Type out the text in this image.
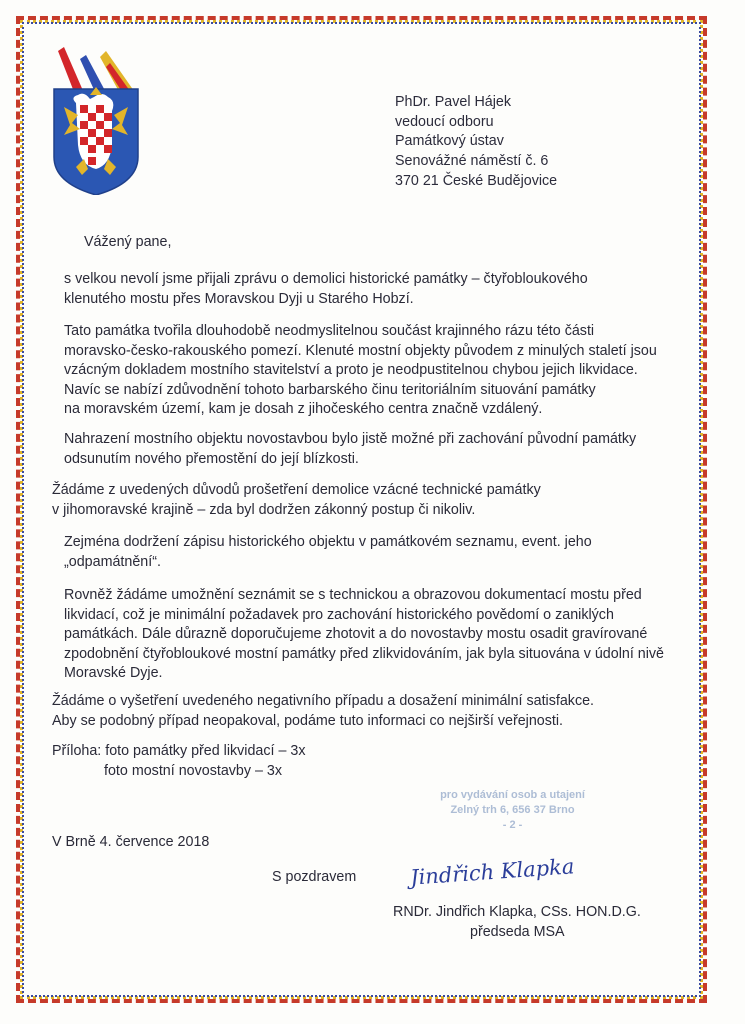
PhDr. Pavel Hájek
vedoucí odboru
Památkový ústav
Senovážné náměstí č. 6
370 21 České Budějovice
Vážený pane,
s velkou nevolí jsme přijali zprávu o demolici historické památky – čtyřobloukového
klenutého mostu přes Moravskou Dyji u Starého Hobzí.
Tato památka tvořila dlouhodobě neodmyslitelnou součást krajinného rázu této části
moravsko-česko-rakouského pomezí. Klenuté mostní objekty původem z minulých staletí jsou
vzácným dokladem mostního stavitelství a proto je neodpustitelnou chybou jejich likvidace.
Navíc se nabízí zdůvodnění tohoto barbarského činu teritoriálním situování památky
na moravském území, kam je dosah z jihočeského centra značně vzdálený.
Nahrazení mostního objektu novostavbou bylo jistě možné při zachování původní památky
odsunutím nového přemostění do její blízkosti.
Žádáme z uvedených důvodů prošetření demolice vzácné technické památky
v jihomoravské krajině – zda byl dodržen zákonný postup či nikoliv.
Zejména dodržení zápisu historického objektu v památkovém seznamu, event. jeho
„odpamátnění“.
Rovněž žádáme umožnění seznámit se s technickou a obrazovou dokumentací mostu před
likvidací, což je minimální požadavek pro zachování historického povědomí o zaniklých
památkách. Dále důrazně doporučujeme zhotovit a do novostavby mostu osadit gravírované
zpodobnění čtyřobloukové mostní památky před zlikvidováním, jak byla situována v údolní nivě
Moravské Dyje.
Žádáme o vyšetření uvedeného negativního případu a dosažení minimální satisfakce.
Aby se podobný případ neopakoval, podáme tuto informaci co nejširší veřejnosti.
Příloha: foto památky před likvidací – 3x
foto mostní novostavby – 3x
pro vydávání osob a utajení
Zelný trh 6, 656 37 Brno
- 2 -
V Brně 4. července 2018
S pozdravem	Jindřich Klapka
RNDr. Jindřich Klapka, CSs. HON.D.G.
předseda MSA
